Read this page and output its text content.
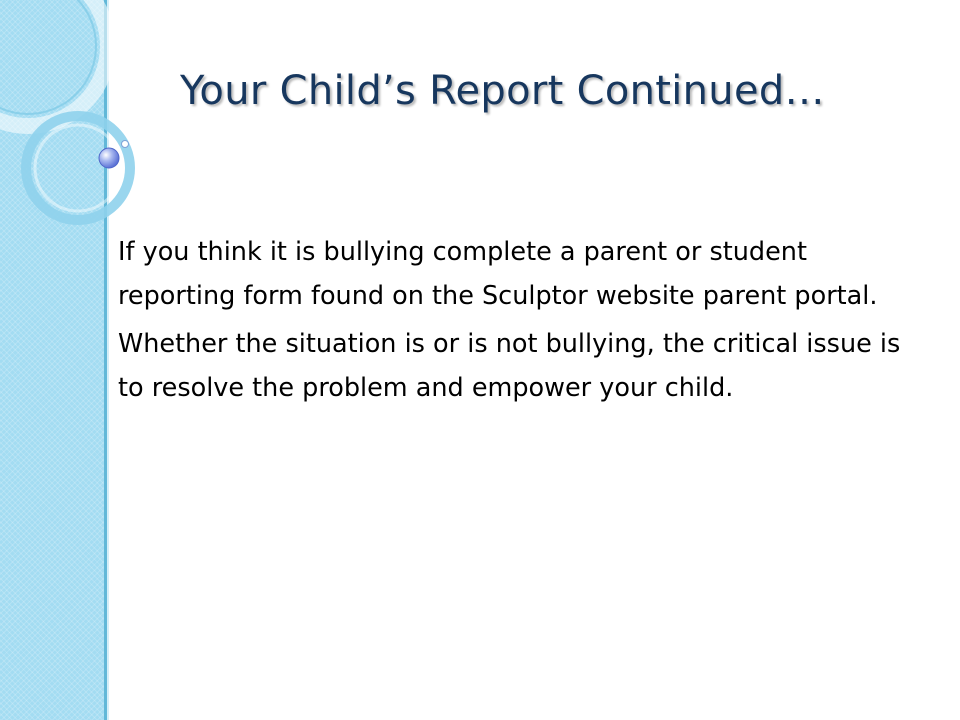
Your Child’s Report Continued…

If you think it is bullying complete a parent or student reporting form found on the Sculptor website parent portal.

Whether the situation is or is not bullying, the critical issue is to resolve the problem and empower your child.
